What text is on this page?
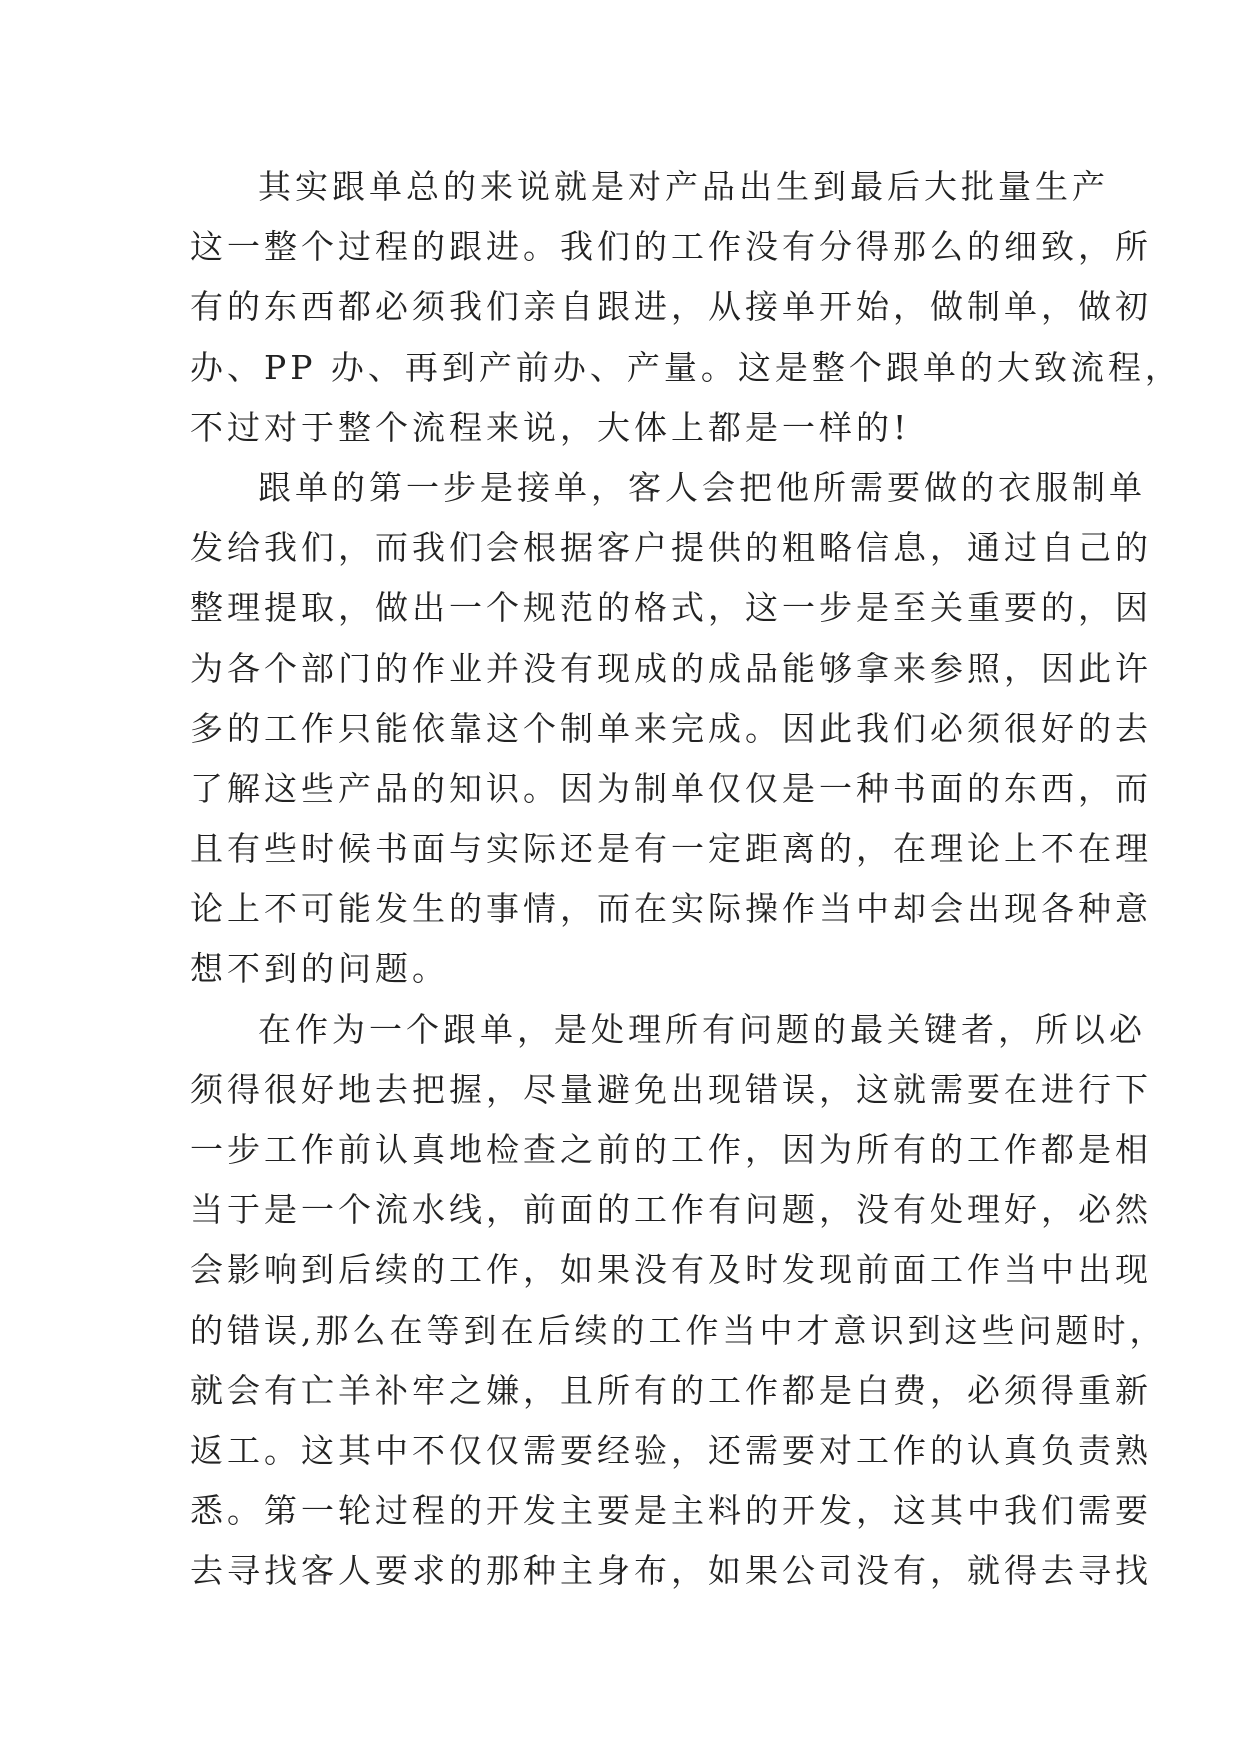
其实跟单总的来说就是对产品出生到最后大批量生产
这一整个过程的跟进。我们的工作没有分得那么的细致，所
有的东西都必须我们亲自跟进，从接单开始，做制单，做初
办、PP 办、再到产前办、产量。这是整个跟单的大致流程，
不过对于整个流程来说，大体上都是一样的!
跟单的第一步是接单，客人会把他所需要做的衣服制单
发给我们，而我们会根据客户提供的粗略信息，通过自己的
整理提取，做出一个规范的格式，这一步是至关重要的，因
为各个部门的作业并没有现成的成品能够拿来参照，因此许
多的工作只能依靠这个制单来完成。因此我们必须很好的去
了解这些产品的知识。因为制单仅仅是一种书面的东西，而
且有些时候书面与实际还是有一定距离的，在理论上不在理
论上不可能发生的事情，而在实际操作当中却会出现各种意
想不到的问题。
在作为一个跟单，是处理所有问题的最关键者，所以必
须得很好地去把握，尽量避免出现错误，这就需要在进行下
一步工作前认真地检查之前的工作，因为所有的工作都是相
当于是一个流水线，前面的工作有问题，没有处理好，必然
会影响到后续的工作，如果没有及时发现前面工作当中出现
的错误,那么在等到在后续的工作当中才意识到这些问题时，
就会有亡羊补牢之嫌，且所有的工作都是白费，必须得重新
返工。这其中不仅仅需要经验，还需要对工作的认真负责熟
悉。第一轮过程的开发主要是主料的开发，这其中我们需要
去寻找客人要求的那种主身布，如果公司没有，就得去寻找
